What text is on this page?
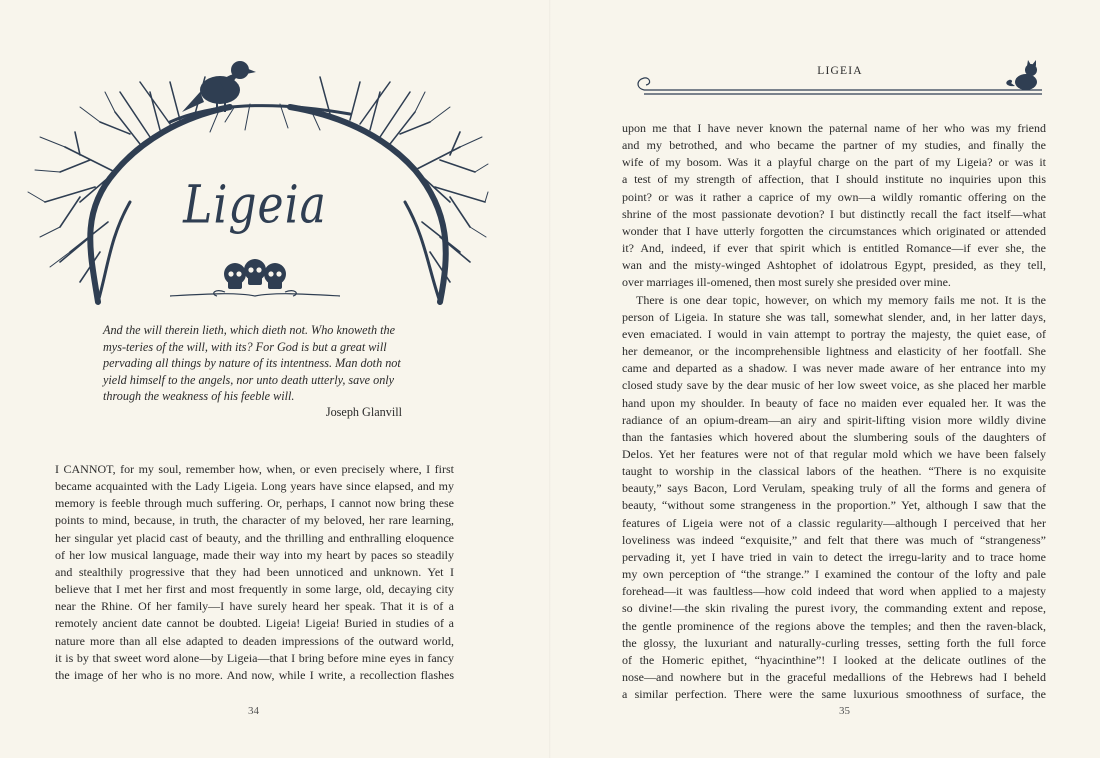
Ligeia
And the will therein lieth, which dieth not. Who knoweth the mys-teries of the will, with its? For God is but a great will pervading all things by nature of its intentness. Man doth not yield himself to the angels, nor unto death utterly, save only through the weakness of his feeble will.
Joseph Glanvill

I CANNOT, for my soul, remember how, when, or even precisely where, I first

became acquainted with the Lady Ligeia. Long years have since elapsed, and my

memory is feeble through much suffering. Or, perhaps, I cannot now bring these

points to mind, because, in truth, the character of my beloved, her rare learning,

her singular yet placid cast of beauty, and the thrilling and enthralling eloquence

of her low musical language, made their way into my heart by paces so steadily

and stealthily progressive that they had been unnoticed and unknown. Yet I

believe that I met her first and most frequently in some large, old, decaying city

near the Rhine. Of her family—I have surely heard her speak. That it is of a

remotely ancient date cannot be doubted. Ligeia! Ligeia! Buried in studies of a

nature more than all else adapted to deaden impressions of the outward world,

it is by that sweet word alone—by Ligeia—that I bring before mine eyes in fancy

the image of her who is no more. And now, while I write, a recollection flashes

34
LIGEIA

upon me that I have never known the paternal name of her who was my friend

and my betrothed, and who became the partner of my studies, and finally the

wife of my bosom. Was it a playful charge on the part of my Ligeia? or was it

a test of my strength of affection, that I should institute no inquiries upon this

point? or was it rather a caprice of my own—a wildly romantic offering on the

shrine of the most passionate devotion? I but distinctly recall the fact itself—what

wonder that I have utterly forgotten the circumstances which originated or attended

it? And, indeed, if ever that spirit which is entitled Romance—if ever she, the

wan and the misty-winged Ashtophet of idolatrous Egypt, presided, as they tell,

over marriages ill-omened, then most surely she presided over mine.

There is one dear topic, however, on which my memory fails me not. It is the

person of Ligeia. In stature she was tall, somewhat slender, and, in her latter days,

even emaciated. I would in vain attempt to portray the majesty, the quiet ease, of

her demeanor, or the incomprehensible lightness and elasticity of her footfall. She

came and departed as a shadow. I was never made aware of her entrance into my

closed study save by the dear music of her low sweet voice, as she placed her marble

hand upon my shoulder. In beauty of face no maiden ever equaled her. It was the

radiance of an opium-dream—an airy and spirit-lifting vision more wildly divine

than the fantasies which hovered about the slumbering souls of the daughters of

Delos. Yet her features were not of that regular mold which we have been falsely

taught to worship in the classical labors of the heathen. “There is no exquisite

beauty,” says Bacon, Lord Verulam, speaking truly of all the forms and genera of

beauty, “without some strangeness in the proportion.” Yet, although I saw that the

features of Ligeia were not of a classic regularity—although I perceived that her

loveliness was indeed “exquisite,” and felt that there was much of “strangeness”

pervading it, yet I have tried in vain to detect the irregu-larity and to trace home

my own perception of “the strange.” I examined the contour of the lofty and pale

forehead—it was faultless—how cold indeed that word when applied to a majesty

so divine!—the skin rivaling the purest ivory, the commanding extent and repose,

the gentle prominence of the regions above the temples; and then the raven-black,

the glossy, the luxuriant and naturally-curling tresses, setting forth the full force

of the Homeric epithet, “hyacinthine”! I looked at the delicate outlines of the

nose—and nowhere but in the graceful medallions of the Hebrews had I beheld

a similar perfection. There were the same luxurious smoothness of surface, the

35
